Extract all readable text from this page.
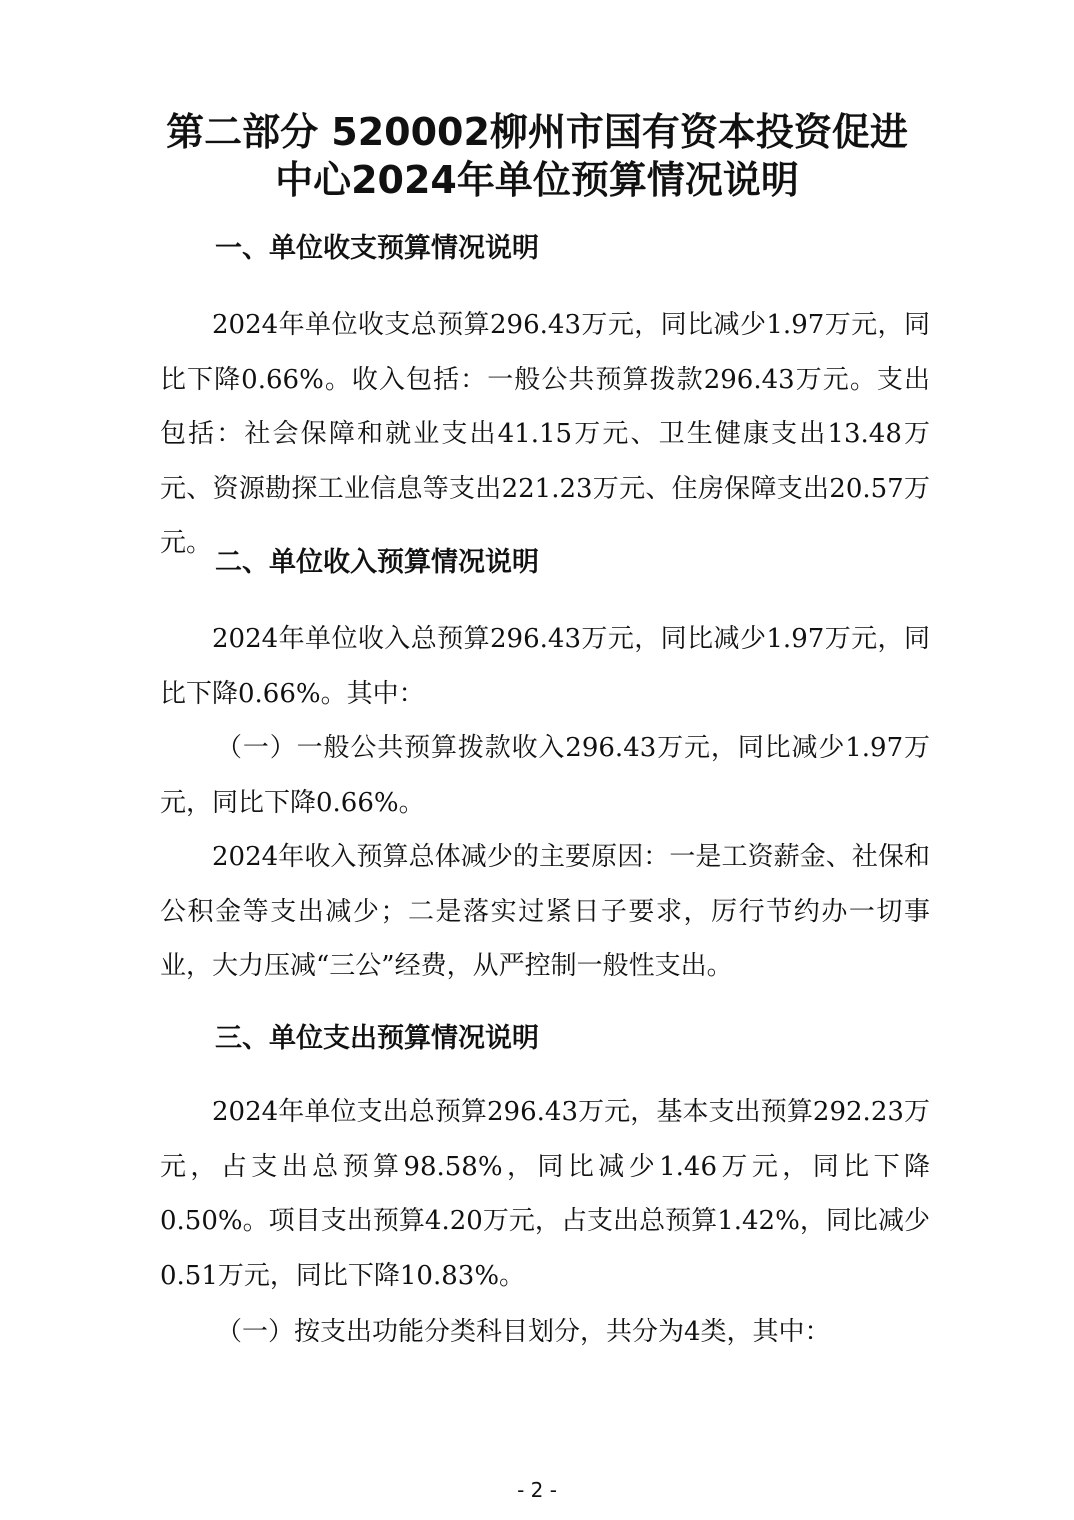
第二部分 520002柳州市国有资本投资促进
中心2024年单位预算情况说明
一、单位收支预算情况说明

2024年单位收支总预算296.43万元，同比减少1.97万元，同比下降0.66%。收入包括：一般公共预算拨款296.43万元。支出包括：社会保障和就业支出41.15万元、卫生健康支出13.48万元、资源勘探工业信息等支出221.23万元、住房保障支出20.57万元。

二、单位收入预算情况说明

2024年单位收入总预算296.43万元，同比减少1.97万元，同比下降0.66%。其中：

（一）一般公共预算拨款收入296.43万元，同比减少1.97万元，同比下降0.66%。

2024年收入预算总体减少的主要原因：一是工资薪金、社保和公积金等支出减少；二是落实过紧日子要求，厉行节约办一切事业，大力压减“三公”经费，从严控制一般性支出。

三、单位支出预算情况说明

2024年单位支出总预算296.43万元，基本支出预算292.23万元，占支出总预算98.58%，同比减少1.46万元，同比下降0.50%。项目支出预算4.20万元，占支出总预算1.42%，同比减少0.51万元，同比下降10.83%。

（一）按支出功能分类科目划分，共分为4类，其中：

- 2 -
